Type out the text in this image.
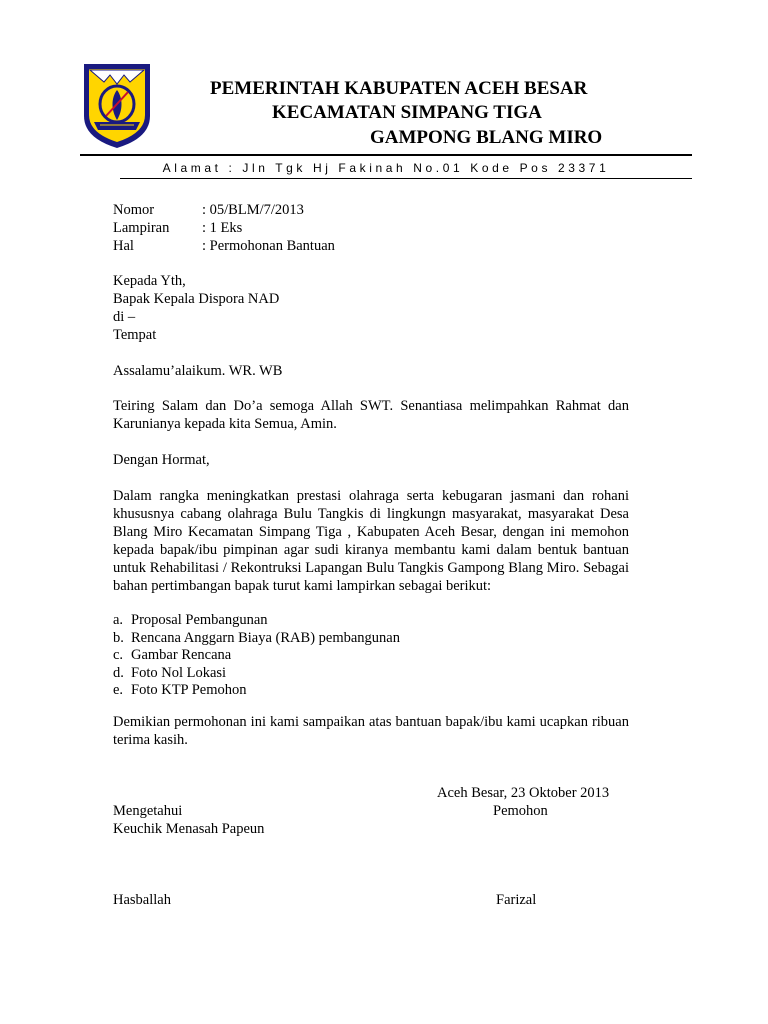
PEMERINTAH KABUPATEN ACEH BESAR
KECAMATAN SIMPANG TIGA
GAMPONG BLANG MIRO
Alamat : Jln Tgk Hj Fakinah No.01 Kode Pos 23371
Nomor	: 05/BLM/7/2013
Lampiran : 1 Eks
Hal	: Permohonan Bantuan
Kepada Yth,
Bapak Kepala Dispora NAD
di –
Tempat
Assalamu’alaikum. WR. WB
Teiring Salam dan Do’a semoga Allah SWT. Senantiasa melimpahkan Rahmat dan
Karunianya kepada kita Semua, Amin.
Dengan Hormat,
Dalam rangka meningkatkan prestasi olahraga serta kebugaran jasmani dan rohani
khususnya cabang olahraga Bulu Tangkis di lingkungn masyarakat, masyarakat Desa
Blang Miro Kecamatan Simpang Tiga , Kabupaten Aceh Besar, dengan ini memohon
kepada bapak/ibu pimpinan agar sudi kiranya membantu kami dalam bentuk bantuan
untuk Rehabilitasi / Rekontruksi Lapangan Bulu Tangkis Gampong Blang Miro. Sebagai
bahan pertimbangan bapak turut kami lampirkan sebagai berikut:
a. Proposal Pembangunan
b. Rencana Anggarn Biaya (RAB) pembangunan
c. Gambar Rencana
d. Foto Nol Lokasi
e. Foto KTP Pemohon
Demikian permohonan ini kami sampaikan atas bantuan bapak/ibu kami ucapkan ribuan
terima kasih.
Aceh Besar, 23 Oktober 2013
Pemohon
Mengetahui
Keuchik Menasah Papeun
Hasballah	Farizal
